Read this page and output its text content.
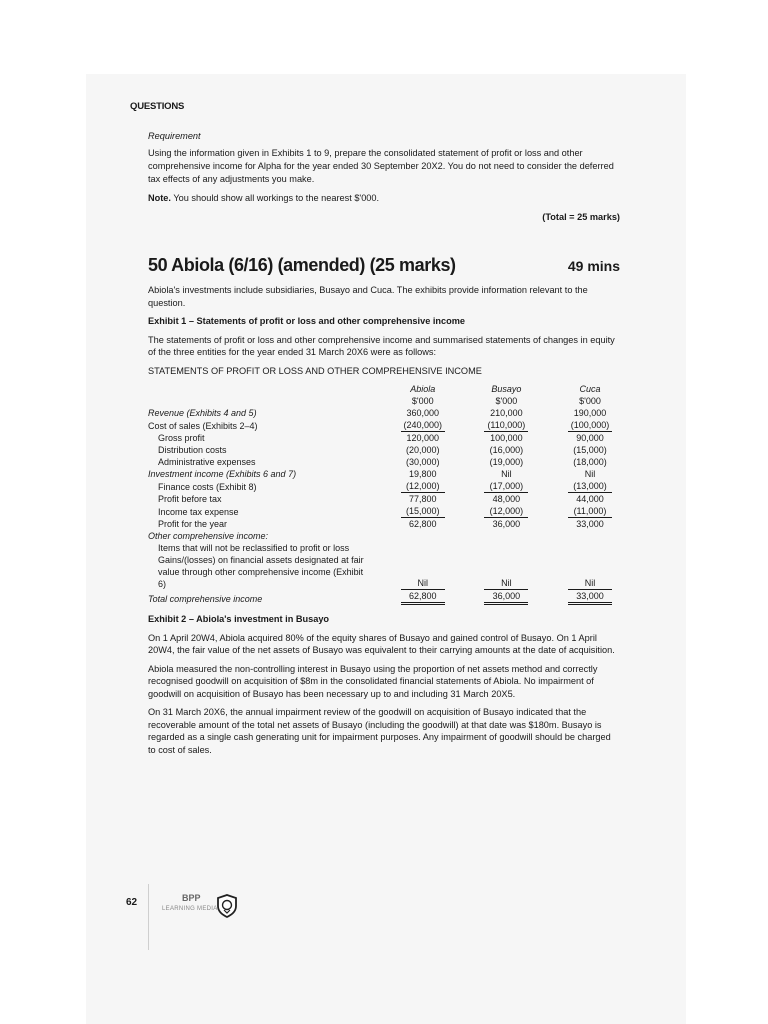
QUESTIONS

Requirement

Using the information given in Exhibits 1 to 9, prepare the consolidated statement of profit or loss and other comprehensive income for Alpha for the year ended 30 September 20X2. You do not need to consider the deferred tax effects of any adjustments you make.

Note. You should show all workings to the nearest $'000.

(Total = 25 marks)

50 Abiola (6/16) (amended) (25 marks)	49 mins

Abiola's investments include subsidiaries, Busayo and Cuca. The exhibits provide information relevant to the question.

Exhibit 1 – Statements of profit or loss and other comprehensive income

The statements of profit or loss and other comprehensive income and summarised statements of changes in equity of the three entities for the year ended 31 March 20X6 were as follows:

STATEMENTS OF PROFIT OR LOSS AND OTHER COMPREHENSIVE INCOME

	Abiola	Busayo	Cuca
	$'000	$'000	$'000
Revenue (Exhibits 4 and 5)	360,000	210,000	190,000
Cost of sales (Exhibits 2–4)	(240,000)	(110,000)	(100,000)
Gross profit	120,000	100,000	90,000
Distribution costs	(20,000)	(16,000)	(15,000)
Administrative expenses	(30,000)	(19,000)	(18,000)
Investment income (Exhibits 6 and 7)	19,800	Nil	Nil
Finance costs (Exhibit 8)	(12,000)	(17,000)	(13,000)
Profit before tax	77,800	48,000	44,000
Income tax expense	(15,000)	(12,000)	(11,000)
Profit for the year	62,800	36,000	33,000
Other comprehensive income:			
Items that will not be reclassified to profit or loss			
Gains/(losses) on financial assets designated at fair			
value through other comprehensive income (Exhibit 6)	Nil	Nil	Nil
Total comprehensive income	62,800	36,000	33,000

Exhibit 2 – Abiola's investment in Busayo

On 1 April 20W4, Abiola acquired 80% of the equity shares of Busayo and gained control of Busayo. On 1 April 20W4, the fair value of the net assets of Busayo was equivalent to their carrying amounts at the date of acquisition.

Abiola measured the non-controlling interest in Busayo using the proportion of net assets method and correctly recognised goodwill on acquisition of $8m in the consolidated financial statements of Abiola. No impairment of goodwill on acquisition of Busayo has been necessary up to and including 31 March 20X5.

On 31 March 20X6, the annual impairment review of the goodwill on acquisition of Busayo indicated that the recoverable amount of the total net assets of Busayo (including the goodwill) at that date was $180m. Busayo is regarded as a single cash generating unit for impairment purposes. Any impairment of goodwill should be charged to cost of sales.

62	BPP
LEARNING MEDIA
